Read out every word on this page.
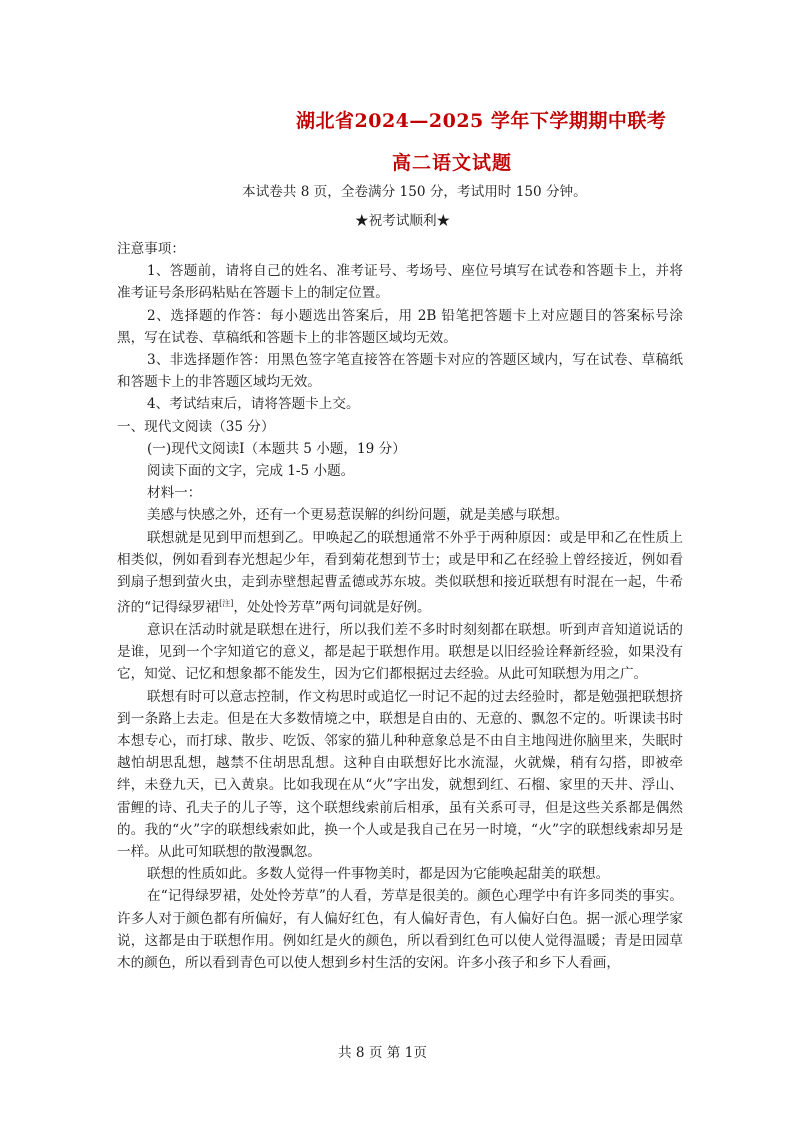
湖北省2024—2025 学年下学期期中联考
高二语文试题
本试卷共 8 页，全卷满分 150 分，考试用时 150 分钟。
★祝考试顺利★

注意事项：

1、答题前，请将自己的姓名、准考证号、考场号、座位号填写在试卷和答题卡上，并将准考证号条形码粘贴在答题卡上的制定位置。

2、选择题的作答：每小题选出答案后，用 2B 铅笔把答题卡上对应题目的答案标号涂黑，写在试卷、草稿纸和答题卡上的非答题区域均无效。

3、非选择题作答：用黑色签字笔直接答在答题卡对应的答题区域内，写在试卷、草稿纸和答题卡上的非答题区域均无效。

4、考试结束后，请将答题卡上交。

一、现代文阅读（35 分）

(一)现代文阅读Ⅰ（本题共 5 小题，19 分）

阅读下面的文字，完成 1-5 小题。

材料一：

美感与快感之外，还有一个更易惹误解的纠纷问题，就是美感与联想。

联想就是见到甲而想到乙。甲唤起乙的联想通常不外乎于两种原因：或是甲和乙在性质上相类似，例如看到春光想起少年，看到菊花想到节士；或是甲和乙在经验上曾经接近，例如看到扇子想到萤火虫，走到赤壁想起曹孟德或苏东坡。类似联想和接近联想有时混在一起，牛希济的“记得绿罗裙[注]，处处怜芳草”两句词就是好例。

意识在活动时就是联想在进行，所以我们差不多时时刻刻都在联想。听到声音知道说话的是谁，见到一个字知道它的意义，都是起于联想作用。联想是以旧经验诠释新经验，如果没有它，知觉、记忆和想象都不能发生，因为它们都根据过去经验。从此可知联想为用之广。

联想有时可以意志控制，作文构思时或追忆一时记不起的过去经验时，都是勉强把联想挤到一条路上去走。但是在大多数情境之中，联想是自由的、无意的、飘忽不定的。听课读书时本想专心，而打球、散步、吃饭、邻家的猫儿种种意象总是不由自主地闯进你脑里来，失眠时越怕胡思乱想，越禁不住胡思乱想。这种自由联想好比水流湿，火就燥，稍有勾搭，即被牵绊，未登九天，已入黄泉。比如我现在从“火”字出发，就想到红、石榴、家里的天井、浮山、雷鲤的诗、孔夫子的儿子等，这个联想线索前后相承，虽有关系可寻，但是这些关系都是偶然的。我的“火”字的联想线索如此，换一个人或是我自己在另一时境，“火”字的联想线索却另是一样。从此可知联想的散漫飘忽。

联想的性质如此。多数人觉得一件事物美时，都是因为它能唤起甜美的联想。

在“记得绿罗裙，处处怜芳草”的人看，芳草是很美的。颜色心理学中有许多同类的事实。许多人对于颜色都有所偏好，有人偏好红色，有人偏好青色，有人偏好白色。据一派心理学家说，这都是由于联想作用。例如红是火的颜色，所以看到红色可以使人觉得温暖；青是田园草木的颜色，所以看到青色可以使人想到乡村生活的安闲。许多小孩子和乡下人看画，

共 8 页 第 1页
